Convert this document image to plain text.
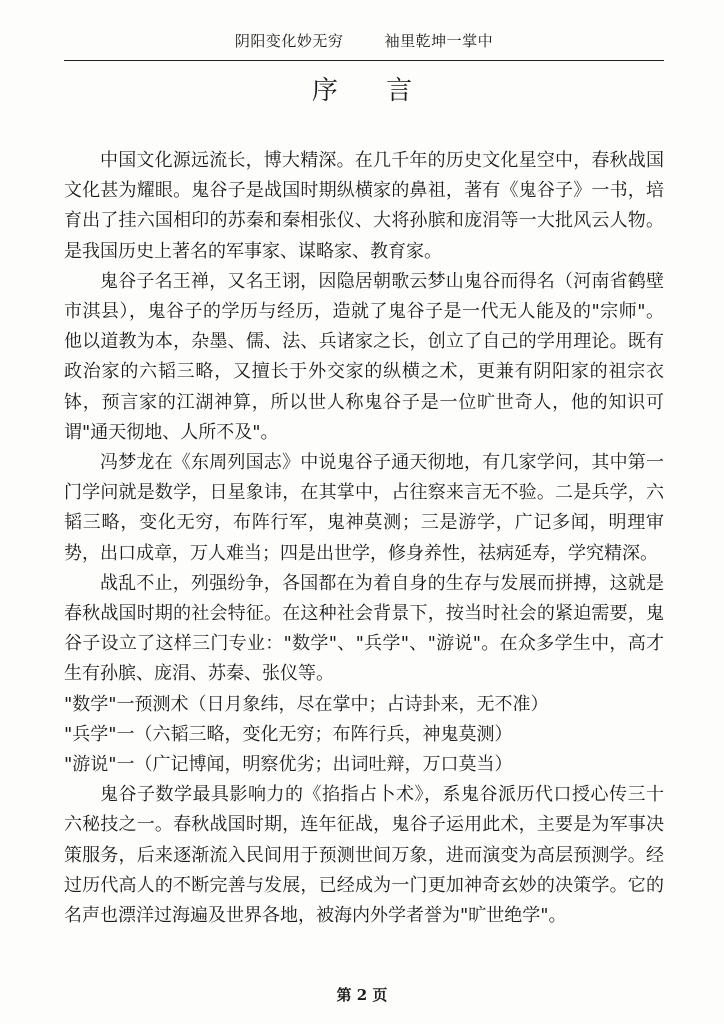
阴阳变化妙无穷	袖里乾坤一掌中
序 言

中国文化源远流长，博大精深。在几千年的历史文化星空中，春秋战国文化甚为耀眼。鬼谷子是战国时期纵横家的鼻祖，著有《鬼谷子》一书，培育出了挂六国相印的苏秦和秦相张仪、大将孙膑和庞涓等一大批风云人物。是我国历史上著名的军事家、谋略家、教育家。

鬼谷子名王禅，又名王诩，因隐居朝歌云梦山鬼谷而得名（河南省鹤壁市淇县），鬼谷子的学历与经历，造就了鬼谷子是一代无人能及的"宗师"。他以道教为本，杂墨、儒、法、兵诸家之长，创立了自己的学用理论。既有政治家的六韬三略，又擅长于外交家的纵横之术，更兼有阴阳家的祖宗衣钵，预言家的江湖神算，所以世人称鬼谷子是一位旷世奇人，他的知识可谓"通天彻地、人所不及"。

冯梦龙在《东周列国志》中说鬼谷子通天彻地，有几家学问，其中第一门学问就是数学，日星象讳，在其掌中，占往察来言无不验。二是兵学，六韬三略，变化无穷，布阵行军，鬼神莫测；三是游学，广记多闻，明理审势，出口成章，万人难当；四是出世学，修身养性，祛病延寿，学究精深。

战乱不止，列强纷争，各国都在为着自身的生存与发展而拼搏，这就是春秋战国时期的社会特征。在这种社会背景下，按当时社会的紧迫需要，鬼谷子设立了这样三门专业："数学"、"兵学"、"游说"。在众多学生中，高才生有孙膑、庞涓、苏秦、张仪等。

"数学"一预测术（日月象纬，尽在掌中；占诗卦来，无不准）

"兵学"一（六韬三略，变化无穷；布阵行兵，神鬼莫测）

"游说"一（广记博闻，明察优劣；出词吐辩，万口莫当）

鬼谷子数学最具影响力的《掐指占卜术》，系鬼谷派历代口授心传三十六秘技之一。春秋战国时期，连年征战，鬼谷子运用此术，主要是为军事决策服务，后来逐渐流入民间用于预测世间万象，进而演变为高层预测学。经过历代高人的不断完善与发展，已经成为一门更加神奇玄妙的决策学。它的名声也漂洋过海遍及世界各地，被海内外学者誉为"旷世绝学"。

第 2 页
